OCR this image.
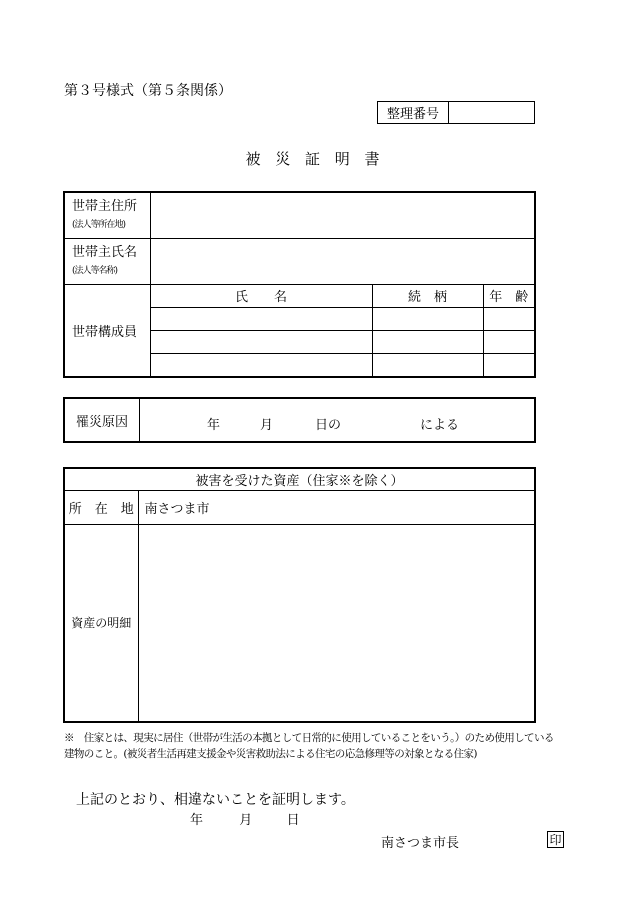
第３号様式（第５条関係）
整理番号
被 災 証 明 書
世帯主住所
(法人等所在地)			

世帯主氏名
(法人等名称)			

世帯構成員	氏　　名	続　柄	年　齢

罹災原因	年	月	日の	による
被害を受けた資産（住家※を除く）	
所　在　地	南さつま市
資産の明細	
※　住家とは、現実に居住（世帯が生活の本拠として日常的に使用していることをいう。）のため使用している建物のこと。(被災者生活再建支援金や災害救助法による住宅の応急修理等の対象となる住家)
上記のとおり、相違ないことを証明します。
年	月	日
南さつま市長	印
